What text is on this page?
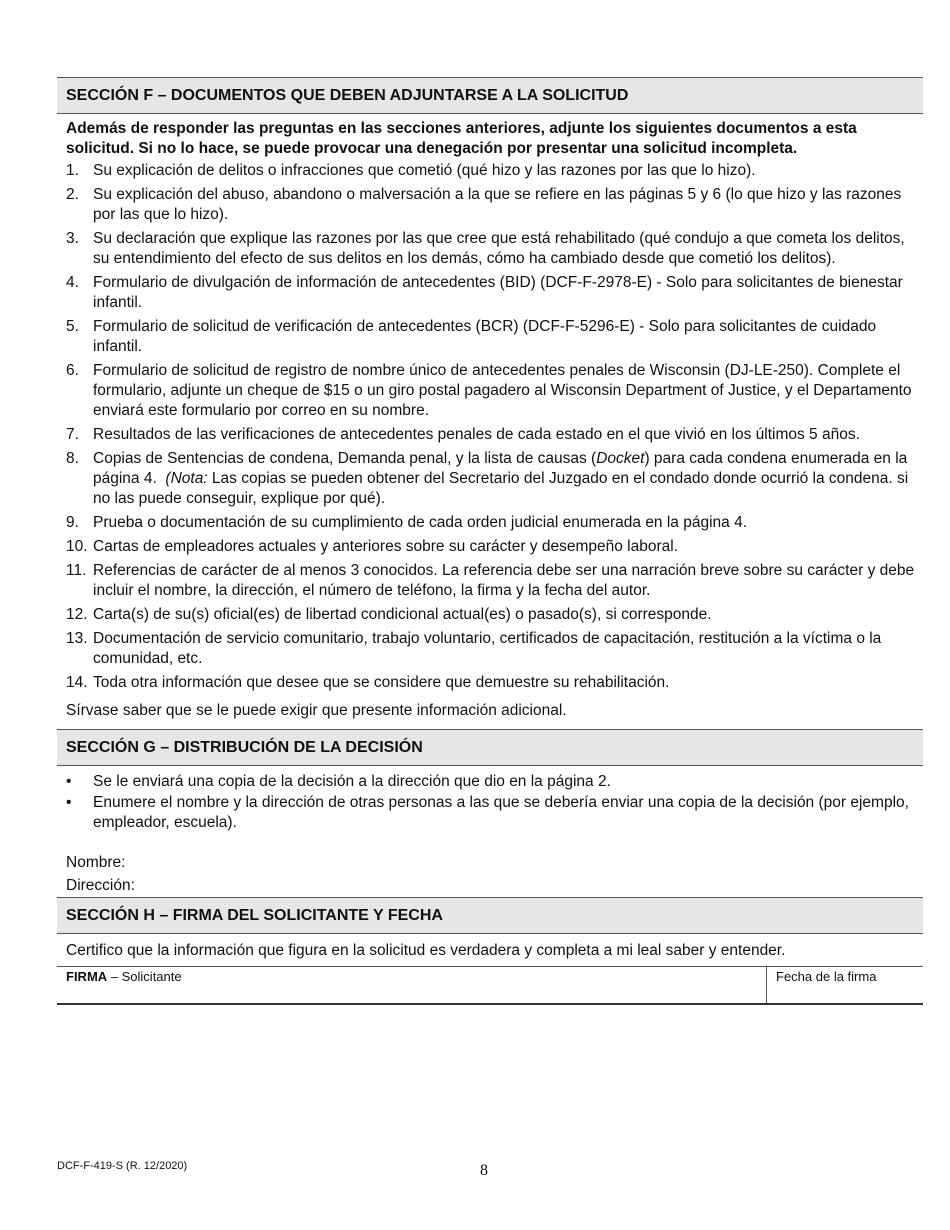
SECCIÓN F – DOCUMENTOS QUE DEBEN ADJUNTARSE A LA SOLICITUD
Además de responder las preguntas en las secciones anteriores, adjunte los siguientes documentos a esta solicitud. Si no lo hace, se puede provocar una denegación por presentar una solicitud incompleta.
1. Su explicación de delitos o infracciones que cometió (qué hizo y las razones por las que lo hizo).
2. Su explicación del abuso, abandono o malversación a la que se refiere en las páginas 5 y 6 (lo que hizo y las razones por las que lo hizo).
3. Su declaración que explique las razones por las que cree que está rehabilitado (qué condujo a que cometa los delitos, su entendimiento del efecto de sus delitos en los demás, cómo ha cambiado desde que cometió los delitos).
4. Formulario de divulgación de información de antecedentes (BID) (DCF-F-2978-E) - Solo para solicitantes de bienestar infantil.
5. Formulario de solicitud de verificación de antecedentes (BCR) (DCF-F-5296-E) - Solo para solicitantes de cuidado infantil.
6. Formulario de solicitud de registro de nombre único de antecedentes penales de Wisconsin (DJ-LE-250). Complete el formulario, adjunte un cheque de $15 o un giro postal pagadero al Wisconsin Department of Justice, y el Departamento enviará este formulario por correo en su nombre.
7. Resultados de las verificaciones de antecedentes penales de cada estado en el que vivió en los últimos 5 años.
8. Copias de Sentencias de condena, Demanda penal, y la lista de causas (Docket) para cada condena enumerada en la página 4.  (Nota: Las copias se pueden obtener del Secretario del Juzgado en el condado donde ocurrió la condena. si no las puede conseguir, explique por qué).
9. Prueba o documentación de su cumplimiento de cada orden judicial enumerada en la página 4.
10. Cartas de empleadores actuales y anteriores sobre su carácter y desempeño laboral.
11. Referencias de carácter de al menos 3 conocidos. La referencia debe ser una narración breve sobre su carácter y debe incluir el nombre, la dirección, el número de teléfono, la firma y la fecha del autor.
12. Carta(s) de su(s) oficial(es) de libertad condicional actual(es) o pasado(s), si corresponde.
13. Documentación de servicio comunitario, trabajo voluntario, certificados de capacitación, restitución a la víctima o la comunidad, etc.
14. Toda otra información que desee que se considere que demuestre su rehabilitación.
Sírvase saber que se le puede exigir que presente información adicional.
SECCIÓN G – DISTRIBUCIÓN DE LA DECISIÓN
• Se le enviará una copia de la decisión a la dirección que dio en la página 2.
• Enumere el nombre y la dirección de otras personas a las que se debería enviar una copia de la decisión (por ejemplo, empleador, escuela).
Nombre:
Dirección:
SECCIÓN H – FIRMA DEL SOLICITANTE Y FECHA
Certifico que la información que figura en la solicitud es verdadera y completa a mi leal saber y entender.
FIRMA – Solicitante	Fecha de la firma
DCF-F-419-S (R. 12/2020)	8
